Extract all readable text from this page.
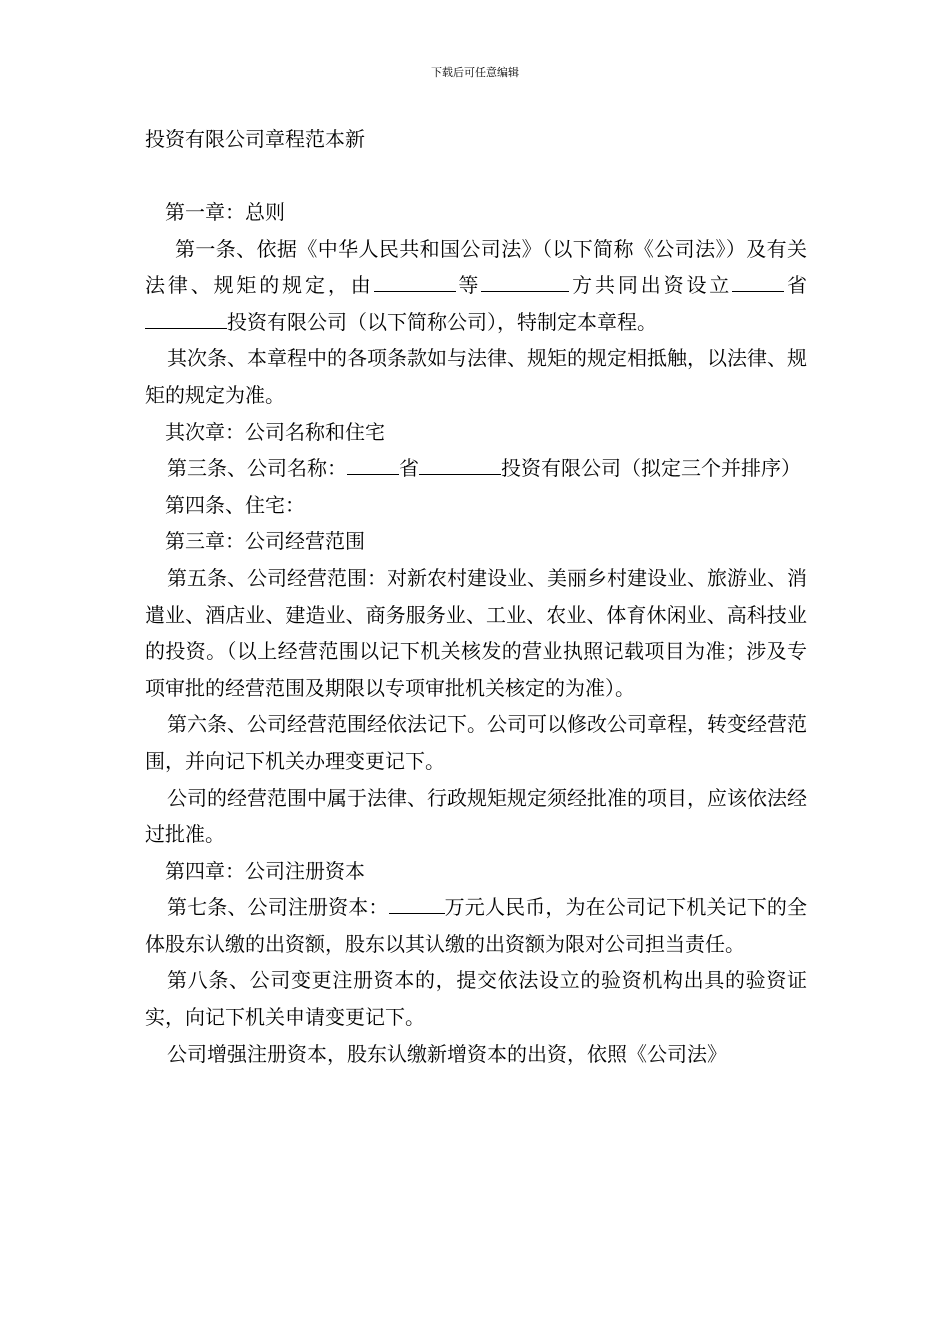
下载后可任意编辑
投资有限公司章程范本新

第一章：总则

第一条、依据《中华人民共和国公司法》（以下简称《公司法》）及有关法律、规矩的规定，由	等	方共同出资设立	省投资有限公司（以下简称公司），特制定本章程。

其次条、本章程中的各项条款如与法律、规矩的规定相抵触，以法律、规矩的规定为准。

其次章：公司名称和住宅

第三条、公司名称：	省	投资有限公司（拟定三个并排序）

第四条、住宅：

第三章：公司经营范围

第五条、公司经营范围：对新农村建设业、美丽乡村建设业、旅游业、消遣业、酒店业、建造业、商务服务业、工业、农业、体育休闲业、高科技业的投资。（以上经营范围以记下机关核发的营业执照记载项目为准；涉及专项审批的经营范围及期限以专项审批机关核定的为准）。

第六条、公司经营范围经依法记下。公司可以修改公司章程，转变经营范围，并向记下机关办理变更记下。

公司的经营范围中属于法律、行政规矩规定须经批准的项目，应该依法经过批准。

第四章：公司注册资本

第七条、公司注册资本：	万元人民币，为在公司记下机关记下的全体股东认缴的出资额，股东以其认缴的出资额为限对公司担当责任。

第八条、公司变更注册资本的，提交依法设立的验资机构出具的验资证实，向记下机关申请变更记下。

公司增强注册资本，股东认缴新增资本的出资，依照《公司法》
